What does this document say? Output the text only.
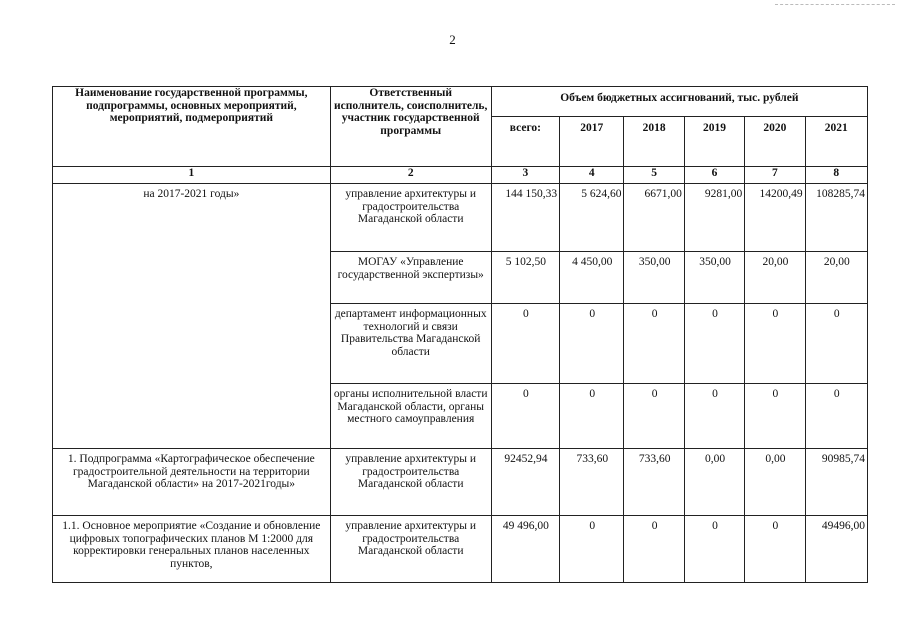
2
Наименование государственной программы, подпрограммы, основных мероприятий, мероприятий, подмероприятий	Ответственный исполнитель, соисполнитель, участник государственной программы	Объем бюджетных ассигнований, тыс. рублей					
		всего:	2017	2018	2019	2020	2021
1	2	3	4	5	6	7	8
на 2017-2021 годы»	управление архитектуры и градостроительства Магаданской области	144 150,33	5 624,60	6671,00	9281,00	14200,49	108285,74
	МОГАУ «Управление государственной экспертизы»	5 102,50	4 450,00	350,00	350,00	20,00	20,00
	департамент информационных технологий и связи Правительства Магаданской области	0	0	0	0	0	0
	органы исполнительной власти Магаданской области, органы местного самоуправления	0	0	0	0	0	0
1. Подпрограмма «Картографическое обеспечение градостроительной деятельности на территории Магаданской области» на 2017-2021годы»	управление архитектуры и градостроительства Магаданской области	92452,94	733,60	733,60	0,00	0,00	90985,74
1.1. Основное мероприятие «Создание и обновление цифровых топографических планов М 1:2000 для корректировки генеральных планов населенных пунктов,	управление архитектуры и градостроительства Магаданской области	49 496,00	0	0	0	0	49496,00
